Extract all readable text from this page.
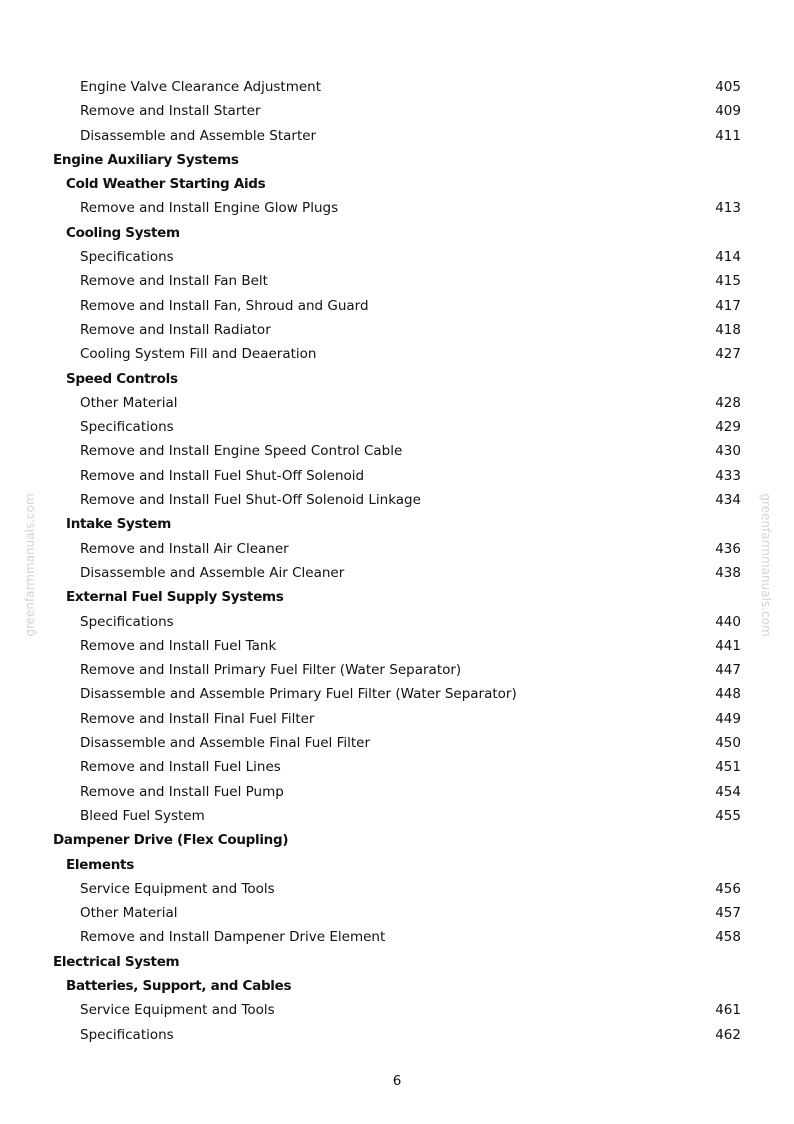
greenfarmmanuals.com	greenfarmmanuals.com
Engine Valve Clearance Adjustment	405
Remove and Install Starter	409
Disassemble and Assemble Starter	411
Engine Auxiliary Systems
Cold Weather Starting Aids
Remove and Install Engine Glow Plugs	413
Cooling System
Specifications	414
Remove and Install Fan Belt	415
Remove and Install Fan, Shroud and Guard	417
Remove and Install Radiator	418
Cooling System Fill and Deaeration	427
Speed Controls
Other Material	428
Specifications	429
Remove and Install Engine Speed Control Cable	430
Remove and Install Fuel Shut-Off Solenoid	433
Remove and Install Fuel Shut-Off Solenoid Linkage	434
Intake System
Remove and Install Air Cleaner	436
Disassemble and Assemble Air Cleaner	438
External Fuel Supply Systems
Specifications	440
Remove and Install Fuel Tank	441
Remove and Install Primary Fuel Filter (Water Separator)	447
Disassemble and Assemble Primary Fuel Filter (Water Separator)	448
Remove and Install Final Fuel Filter	449
Disassemble and Assemble Final Fuel Filter	450
Remove and Install Fuel Lines	451
Remove and Install Fuel Pump	454
Bleed Fuel System	455
Dampener Drive (Flex Coupling)
Elements
Service Equipment and Tools	456
Other Material	457
Remove and Install Dampener Drive Element	458
Electrical System
Batteries, Support, and Cables
Service Equipment and Tools	461
Specifications	462
6
